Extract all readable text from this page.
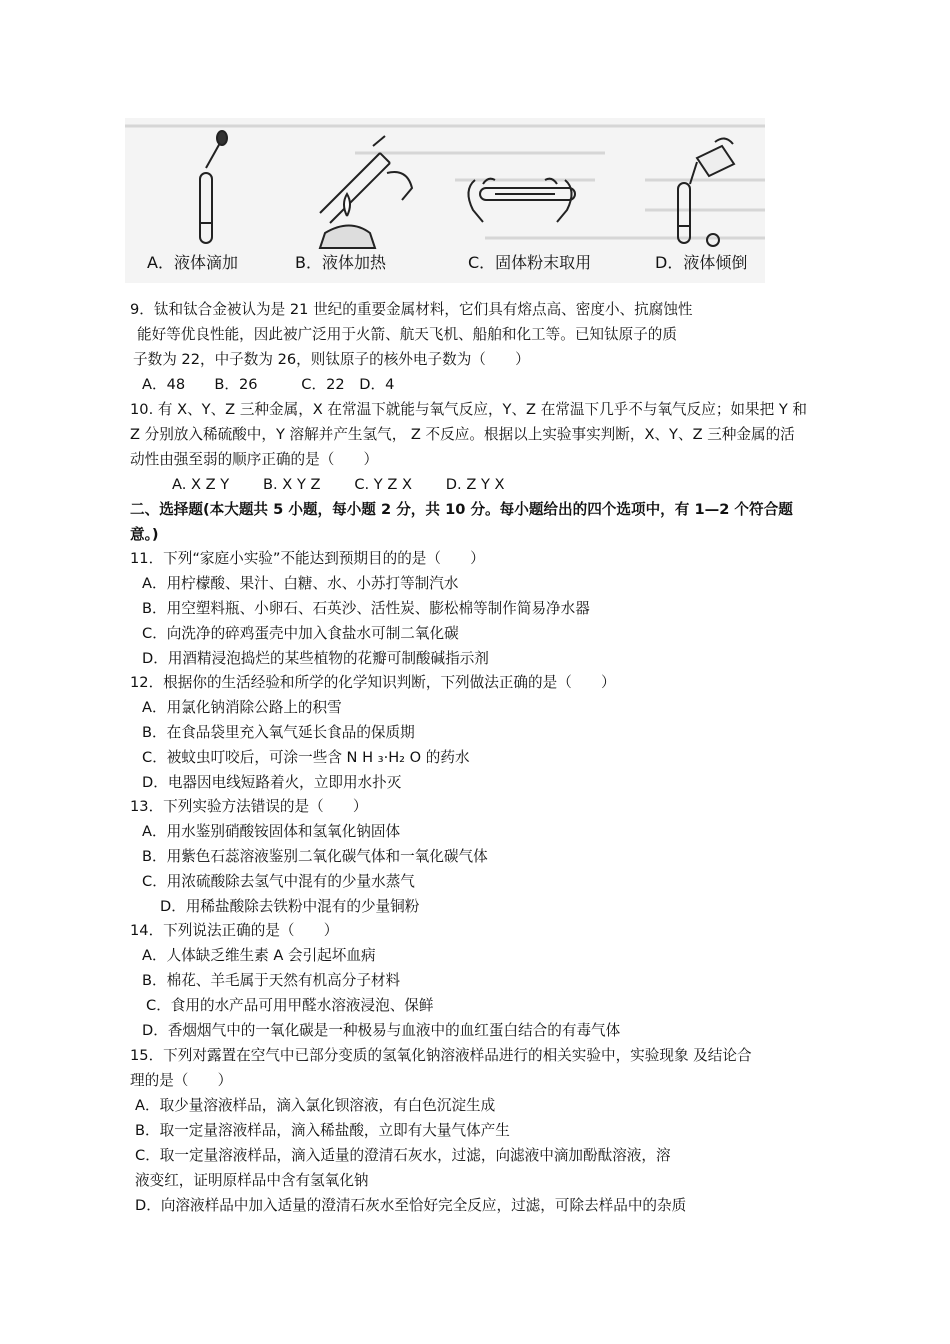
A．液体滴加	B．液体加热	C．固体粉末取用	D．液体倾倒
9．钛和钛合金被认为是 21 世纪的重要金属材料，它们具有熔点高、密度小、抗腐蚀性
能好等优良性能，因此被广泛用于火箭、航天飞机、船舶和化工等。已知钛原子的质
子数为 22，中子数为 26，则钛原子的核外电子数为（　　）
A．48　　B．26　　　C．22　D．4
10. 有 X、Y、Z 三种金属，X 在常温下就能与氧气反应，Y、Z 在常温下几乎不与氧气反应；如果把 Y 和
Z 分别放入稀硫酸中，Y 溶解并产生氢气， Z 不反应。根据以上实验事实判断，X、Y、Z 三种金属的活
动性由强至弱的顺序正确的是（　　）
A. X Z Y　　 B. X Y Z　　 C. Y Z X　　 D. Z Y X
二、选择题(本大题共 5 小题，每小题 2 分，共 10 分。每小题给出的四个选项中，有 1—2 个符合题
意。)
11．下列“家庭小实验”不能达到预期目的的是（　　）
A．用柠檬酸、果汁、白糖、水、小苏打等制汽水
B．用空塑料瓶、小卵石、石英沙、活性炭、膨松棉等制作简易净水器
C．向洗净的碎鸡蛋壳中加入食盐水可制二氧化碳
D．用酒精浸泡捣烂的某些植物的花瓣可制酸碱指示剂
12．根据你的生活经验和所学的化学知识判断，下列做法正确的是（　　）
A．用氯化钠消除公路上的积雪
B．在食品袋里充入氧气延长食品的保质期
C．被蚊虫叮咬后，可涂一些含 N H ₃·H₂ O 的药水
D．电器因电线短路着火，立即用水扑灭
13．下列实验方法错误的是（　　）
A．用水鉴别硝酸铵固体和氢氧化钠固体
B．用紫色石蕊溶液鉴别二氧化碳气体和一氧化碳气体
C．用浓硫酸除去氢气中混有的少量水蒸气
D．用稀盐酸除去铁粉中混有的少量铜粉
14．下列说法正确的是（　　）
A．人体缺乏维生素 A 会引起坏血病
B．棉花、羊毛属于天然有机高分子材料
C．食用的水产品可用甲醛水溶液浸泡、保鲜
D．香烟烟气中的一氧化碳是一种极易与血液中的血红蛋白结合的有毒气体
15．下列对露置在空气中已部分变质的氢氧化钠溶液样品进行的相关实验中，实验现象 及结论合
理的是（　　）
A．取少量溶液样品，滴入氯化钡溶液，有白色沉淀生成
B．取一定量溶液样品，滴入稀盐酸，立即有大量气体产生
C．取一定量溶液样品，滴入适量的澄清石灰水，过滤，向滤液中滴加酚酞溶液，溶
液变红，证明原样品中含有氢氧化钠
D．向溶液样品中加入适量的澄清石灰水至恰好完全反应，过滤，可除去样品中的杂质
